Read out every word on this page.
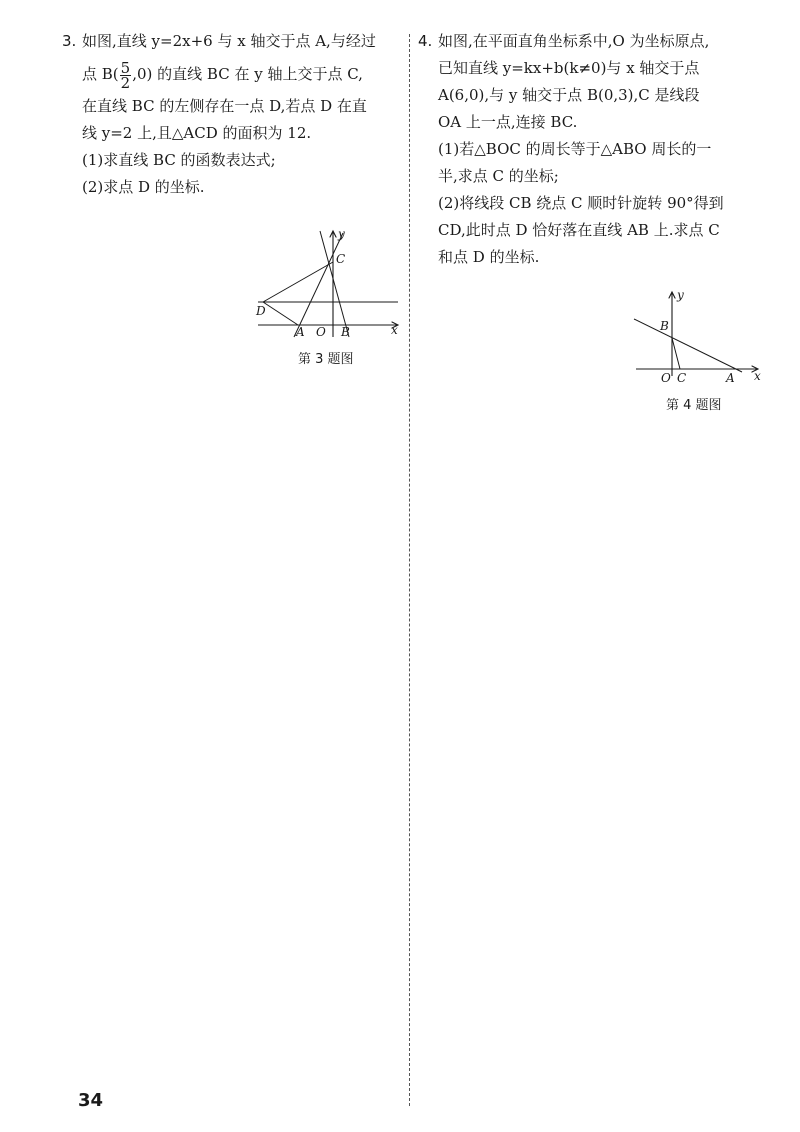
3. 如图,直线 y=2x+6 与 x 轴交于点 A,与经过

点 $B( \frac{5}{2} ,0)$ 的直线 BC 在 y 轴上交于点 C,

在直线 BC 的左侧存在一点 D,若点 D 在直

线 y=2 上,且△ACD 的面积为 12.

(1)求直线 BC 的函数表达式;

(2)求点 D 的坐标.

y
x
C
D
A O B
第 3 题图
4. 如图,在平面直角坐标系中,O 为坐标原点,

已知直线 y=kx+b(k≠0)与 x 轴交于点

A(6,0),与 y 轴交于点 B(0,3),C 是线段

OA 上一点,连接 BC.

(1)若△BOC 的周长等于△ABO 周长的一

半,求点 C 的坐标;

(2)将线段 CB 绕点 C 顺时针旋转 90°得到

CD,此时点 D 恰好落在直线 AB 上.求点 C

和点 D 的坐标.

y
x
B
O C	A
第 4 题图
34
